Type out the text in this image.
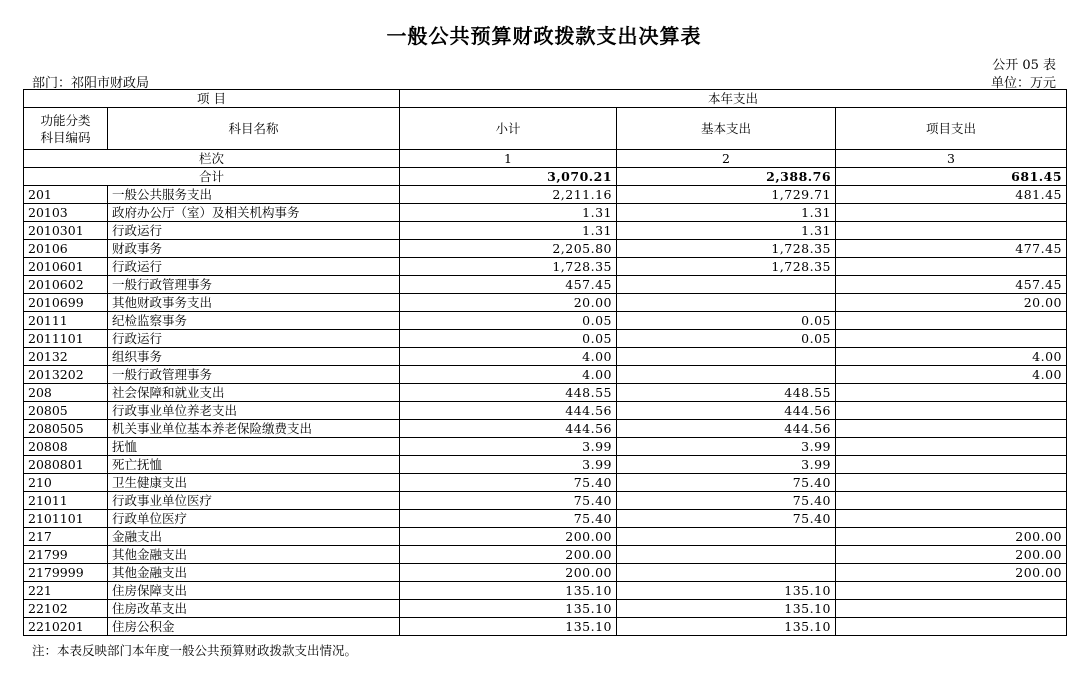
一般公共预算财政拨款支出决算表
公开 05 表
部门：祁阳市财政局	单位：万元
项 目		本年支出		

功能分类
科目编码	科目名称	小计	基本支出	项目支出
栏次		1	2	3
合计		3,070.21	2,388.76	681.45
201	一般公共服务支出	2,211.16	1,729.71	481.45
20103	政府办公厅（室）及相关机构事务	1.31	1.31	
2010301	行政运行	1.31	1.31	
20106	财政事务	2,205.80	1,728.35	477.45
2010601	行政运行	1,728.35	1,728.35	
2010602	一般行政管理事务	457.45		457.45
2010699	其他财政事务支出	20.00		20.00
20111	纪检监察事务	0.05	0.05	
2011101	行政运行	0.05	0.05	
20132	组织事务	4.00		4.00
2013202	一般行政管理事务	4.00		4.00
208	社会保障和就业支出	448.55	448.55	
20805	行政事业单位养老支出	444.56	444.56	
2080505	机关事业单位基本养老保险缴费支出	444.56	444.56	
20808	抚恤	3.99	3.99	
2080801	死亡抚恤	3.99	3.99	
210	卫生健康支出	75.40	75.40	
21011	行政事业单位医疗	75.40	75.40	
2101101	行政单位医疗	75.40	75.40	
217	金融支出	200.00		200.00
21799	其他金融支出	200.00		200.00
2179999	其他金融支出	200.00		200.00
221	住房保障支出	135.10	135.10	
22102	住房改革支出	135.10	135.10	
2210201	住房公积金	135.10	135.10	
注：本表反映部门本年度一般公共预算财政拨款支出情况。
